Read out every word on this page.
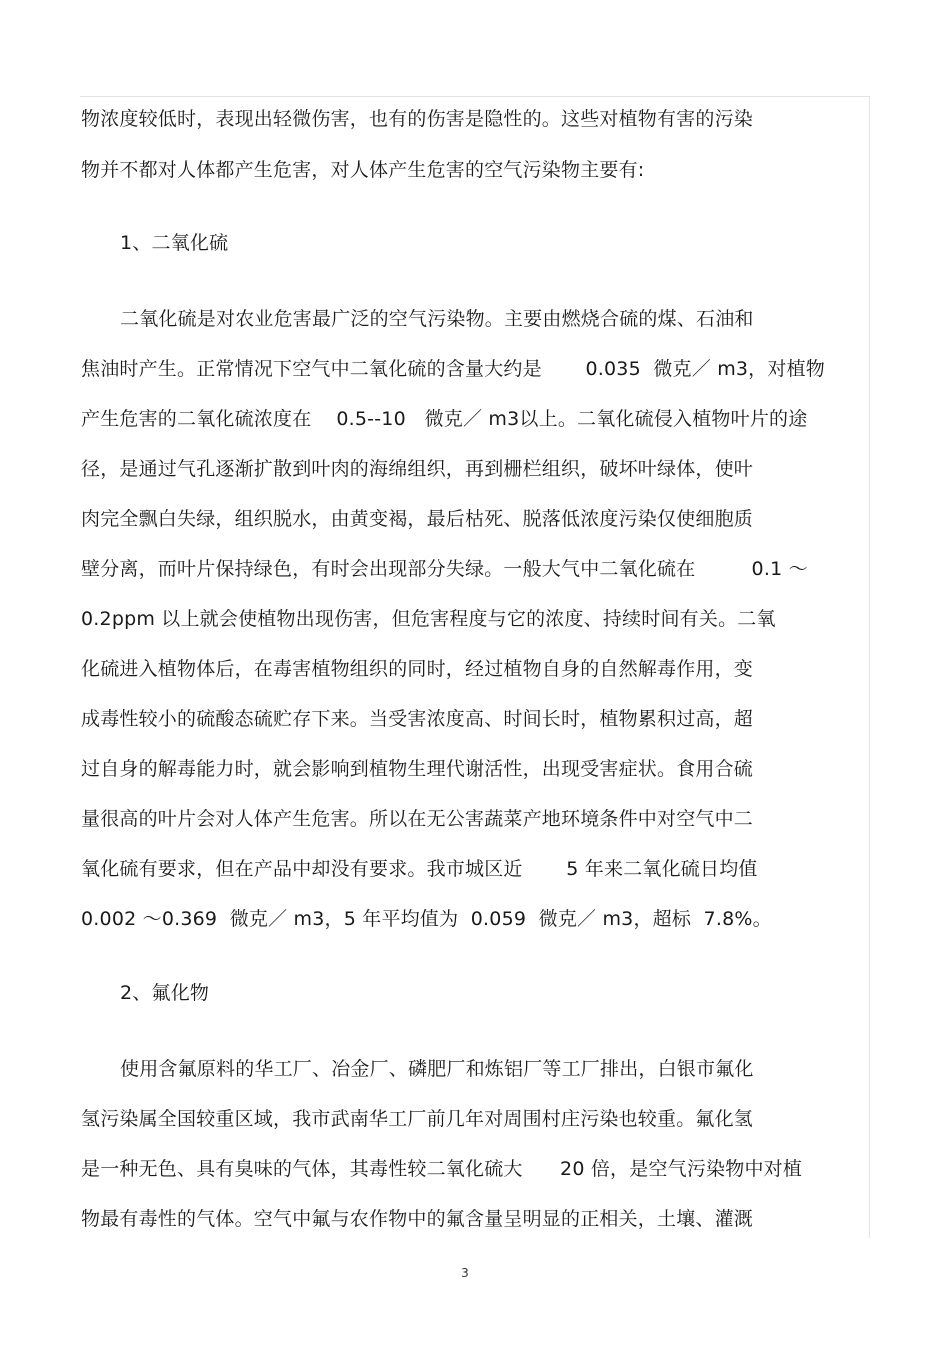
物浓度较低时，表现出轻微伤害，也有的伤害是隐性的。这些对植物有害的污染
物并不都对人体都产生危害，对人体产生危害的空气污染物主要有:
1、二氧化硫
二氧化硫是对农业危害最广泛的空气污染物。主要由燃烧合硫的煤、石油和
焦油时产生。正常情况下空气中二氧化硫的含量大约是       0.035  微克／ m3，对植物
产生危害的二氧化硫浓度在    0.5--10   微克／ m3以上。二氧化硫侵入植物叶片的途
径，是通过气孔逐渐扩散到叶肉的海绵组织，再到栅栏组织，破坏叶绿体，使叶
肉完全飘白失绿，组织脱水，由黄变褐，最后枯死、脱落低浓度污染仅使细胞质
壁分离，而叶片保持绿色，有时会出现部分失绿。一般大气中二氧化硫在         0.1 ～
0.2ppm 以上就会使植物出现伤害，但危害程度与它的浓度、持续时间有关。二氧
化硫进入植物体后，在毒害植物组织的同时，经过植物自身的自然解毒作用，变
成毒性较小的硫酸态硫贮存下来。当受害浓度高、时间长时，植物累积过高，超
过自身的解毒能力时，就会影响到植物生理代谢活性，出现受害症状。食用合硫
量很高的叶片会对人体产生危害。所以在无公害蔬菜产地环境条件中对空气中二
氧化硫有要求，但在产品中却没有要求。我市城区近       5 年来二氧化硫日均值
0.002 ～0.369  微克／ m3，5 年平均值为  0.059  微克／ m3，超标  7.8%。
2、氟化物
使用含氟原料的华工厂、冶金厂、磷肥厂和炼铝厂等工厂排出，白银市氟化
氢污染属全国较重区域，我市武南华工厂前几年对周围村庄污染也较重。氟化氢
是一种无色、具有臭味的气体，其毒性较二氧化硫大      20 倍，是空气污染物中对植
物最有毒性的气体。空气中氟与农作物中的氟含量呈明显的正相关，土壤、灌溉
3
